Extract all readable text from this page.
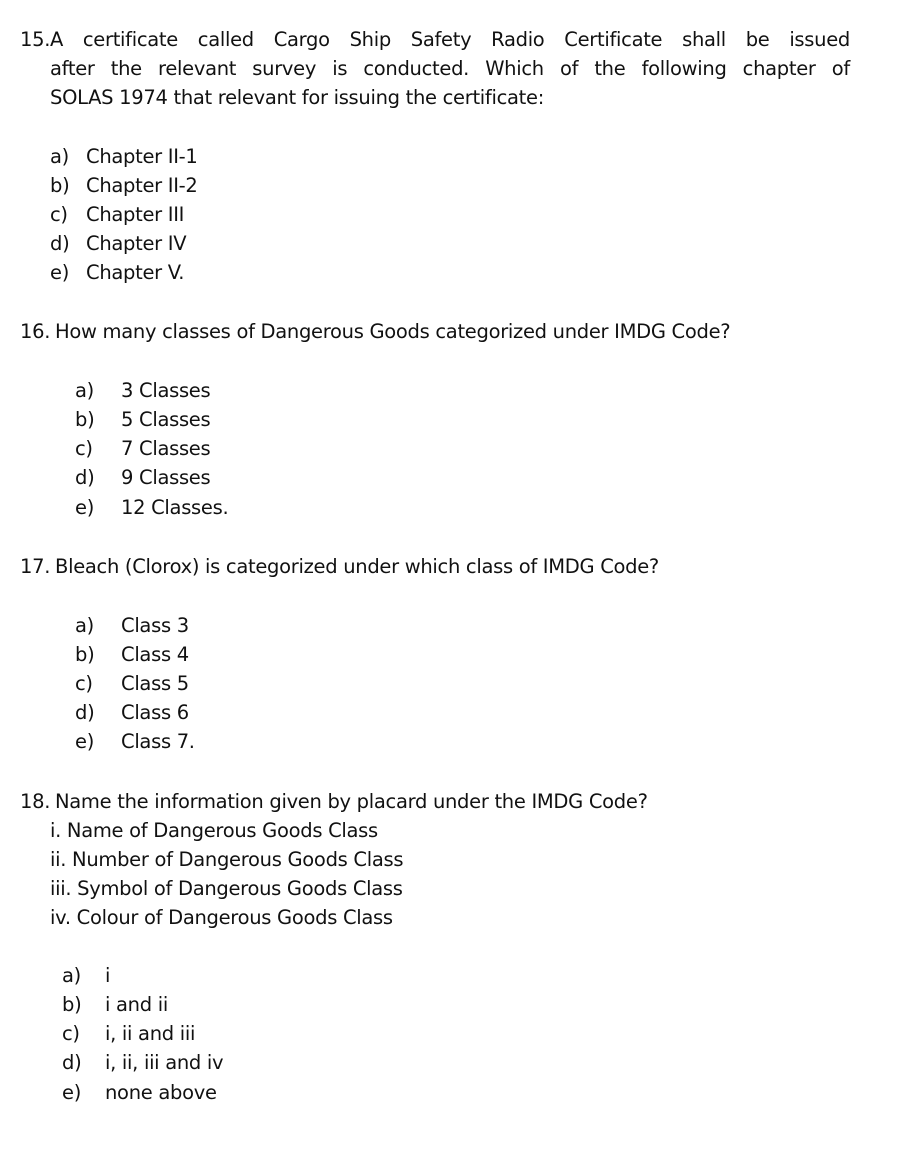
15. A certificate called Cargo Ship Safety Radio Certificate shall be issued
after the relevant survey is conducted. Which of the following chapter of
SOLAS 1974 that relevant for issuing the certificate:
a) Chapter II-1
b) Chapter II-2
c) Chapter III
d) Chapter IV
e) Chapter V.
16. How many classes of Dangerous Goods categorized under IMDG Code?
a) 3 Classes
b) 5 Classes
c) 7 Classes
d) 9 Classes
e) 12 Classes.
17. Bleach (Clorox) is categorized under which class of IMDG Code?
a) Class 3
b) Class 4
c) Class 5
d) Class 6
e) Class 7.
18. Name the information given by placard under the IMDG Code?
i. Name of Dangerous Goods Class
ii. Number of Dangerous Goods Class
iii. Symbol of Dangerous Goods Class
iv. Colour of Dangerous Goods Class
a) i
b) i and ii
c) i, ii and iii
d) i, ii, iii and iv
e) none above
